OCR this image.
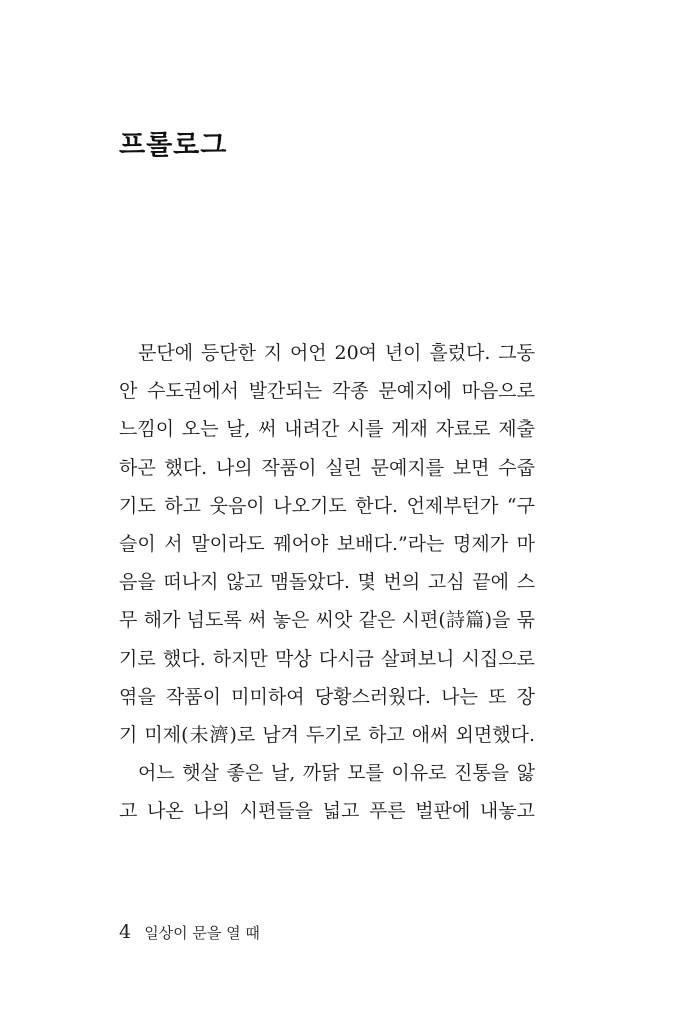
프롤로그
문단에 등단한 지 어언 20여 년이 흘렀다. 그동
안 수도권에서 발간되는 각종 문예지에 마음으로
느낌이 오는 날, 써 내려간 시를 게재 자료로 제출
하곤 했다. 나의 작품이 실린 문예지를 보면 수줍
기도 하고 웃음이 나오기도 한다. 언제부턴가 “구
슬이 서 말이라도 꿰어야 보배다.”라는 명제가 마
음을 떠나지 않고 맴돌았다. 몇 번의 고심 끝에 스
무 해가 넘도록 써 놓은 씨앗 같은 시편(詩篇)을 묶
기로 했다. 하지만 막상 다시금 살펴보니 시집으로
엮을 작품이 미미하여 당황스러웠다. 나는 또 장
기 미제(未濟)로 남겨 두기로 하고 애써 외면했다.
어느 햇살 좋은 날, 까닭 모를 이유로 진통을 앓
고 나온 나의 시편들을 넓고 푸른 벌판에 내놓고
4 일상이 문을 열 때
